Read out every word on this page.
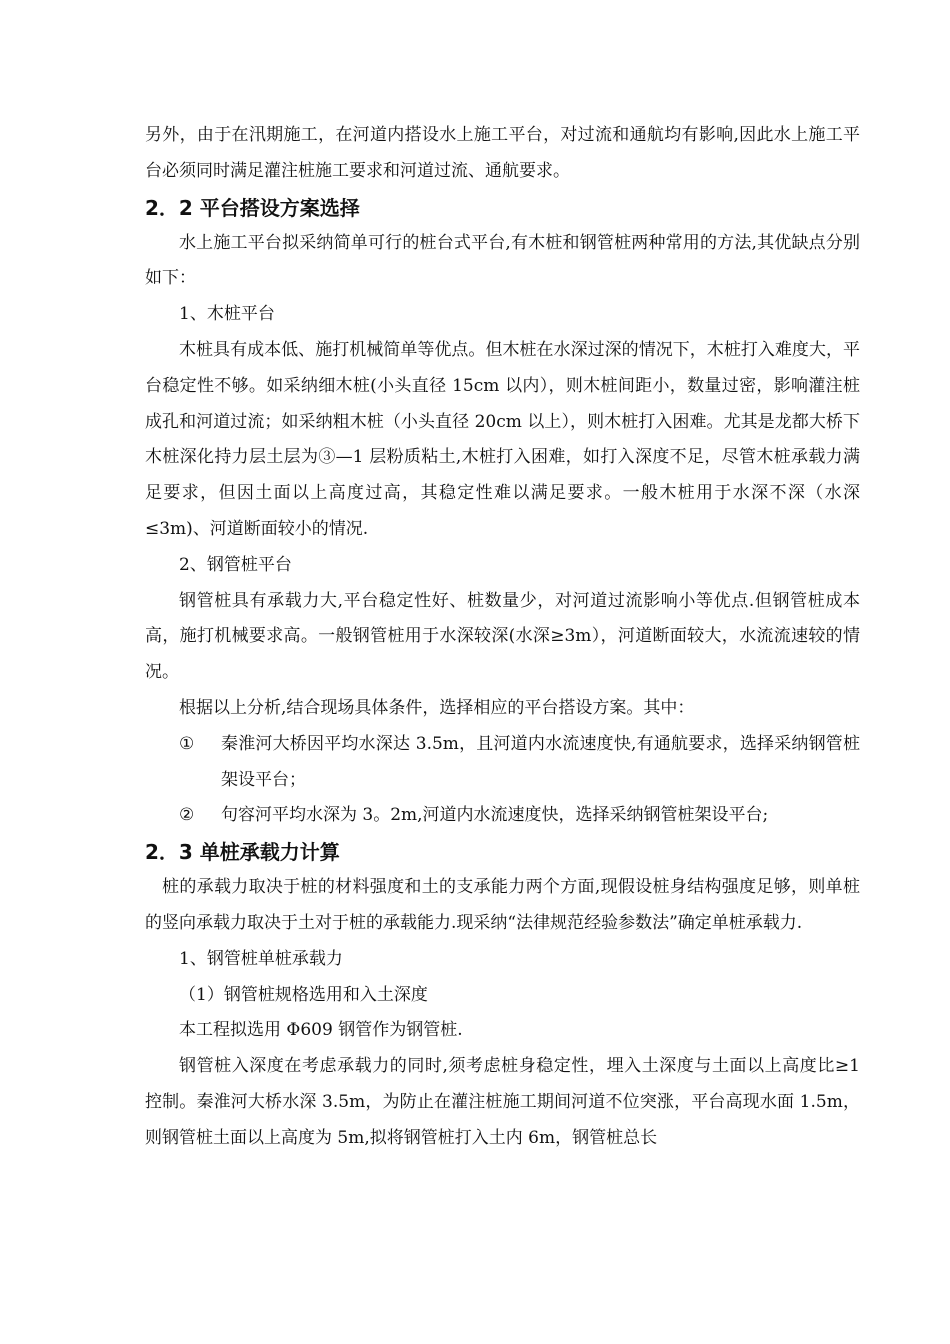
另外，由于在汛期施工，在河道内搭设水上施工平台，对过流和通航均有影响,因此水上施工平台必须同时满足灌注桩施工要求和河道过流、通航要求。

2．2 平台搭设方案选择

水上施工平台拟采纳简单可行的桩台式平台,有木桩和钢管桩两种常用的方法,其优缺点分别如下：

1、木桩平台

木桩具有成本低、施打机械简单等优点。但木桩在水深过深的情况下，木桩打入难度大，平台稳定性不够。如采纳细木桩(小头直径 15cm 以内），则木桩间距小，数量过密，影响灌注桩成孔和河道过流；如采纳粗木桩（小头直径 20cm 以上），则木桩打入困难。尤其是龙都大桥下木桩深化持力层土层为③—1 层粉质粘土,木桩打入困难，如打入深度不足，尽管木桩承载力满足要求，但因土面以上高度过高，其稳定性难以满足要求。一般木桩用于水深不深（水深≤3m)、河道断面较小的情况.

2、钢管桩平台

钢管桩具有承载力大,平台稳定性好、桩数量少，对河道过流影响小等优点.但钢管桩成本高，施打机械要求高。一般钢管桩用于水深较深(水深≥3m），河道断面较大，水流流速较的情况。

根据以上分析,结合现场具体条件，选择相应的平台搭设方案。其中：

①	秦淮河大桥因平均水深达 3.5m，且河道内水流速度快,有通航要求，选择采纳钢管桩架设平台；
②	句容河平均水深为 3。2m,河道内水流速度快，选择采纳钢管桩架设平台;

2．3 单桩承载力计算

桩的承载力取决于桩的材料强度和土的支承能力两个方面,现假设桩身结构强度足够，则单桩的竖向承载力取决于土对于桩的承载能力.现采纳“法律规范经验参数法”确定单桩承载力.

1、钢管桩单桩承载力

（1）钢管桩规格选用和入土深度

本工程拟选用 Φ609 钢管作为钢管桩.

钢管桩入深度在考虑承载力的同时,须考虑桩身稳定性，埋入土深度与土面以上高度比≥1 控制。秦淮河大桥水深 3.5m，为防止在灌注桩施工期间河道不位突涨，平台高现水面 1.5m，则钢管桩土面以上高度为 5m,拟将钢管桩打入土内 6m，钢管桩总长
